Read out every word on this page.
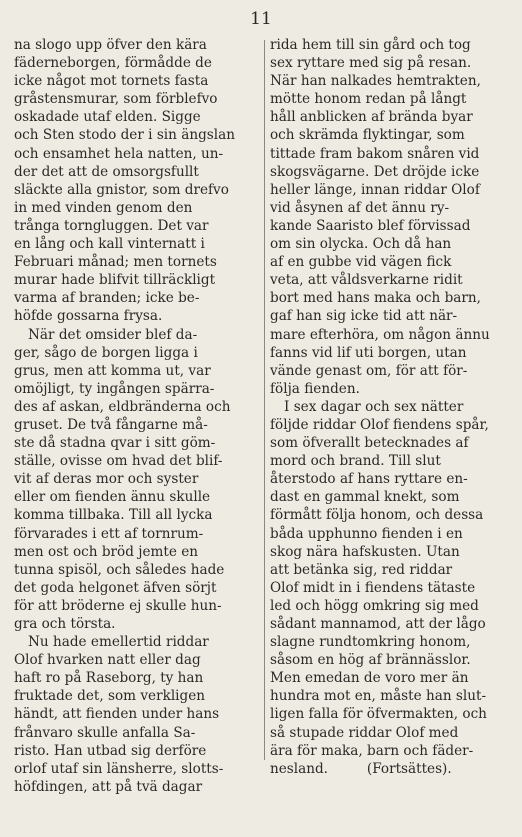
11
na slogo upp öfver den kära
fäderneborgen, förmådde de
icke något mot tornets fasta
gråstensmurar, som förblefvo
oskadade utaf elden. Sigge
och Sten stodo der i sin ängslan
och ensamhet hela natten, un-
der det att de omsorgsfullt
släckte alla gnistor, som drefvo
in med vinden genom den
trånga torngluggen. Det var
en lång och kall vinternatt i
Februari månad; men tornets
murar hade blifvit tillräckligt
varma af branden; icke be-
höfde gossarna frysa.
När det omsider blef da-
ger, sågo de borgen ligga i
grus, men att komma ut, var
omöjligt, ty ingången spärra-
des af askan, eldbränderna och
gruset. De två fångarne må-
ste då stadna qvar i sitt göm-
ställe, ovisse om hvad det blif-
vit af deras mor och syster
eller om fienden ännu skulle
komma tillbaka. Till all lycka
förvarades i ett af tornrum-
men ost och bröd jemte en
tunna spisöl, och således hade
det goda helgonet äfven sörjt
för att bröderne ej skulle hun-
gra och törsta.
Nu hade emellertid riddar
Olof hvarken natt eller dag
haft ro på Raseborg, ty han
fruktade det, som verkligen
händt, att fienden under hans
frånvaro skulle anfalla Sa-
risto. Han utbad sig derföre
orlof utaf sin länsherre, slotts-
höfdingen, att på tvä dagar
rida hem till sin gård och tog
sex ryttare med sig på resan.
När han nalkades hemtrakten,
mötte honom redan på långt
håll anblicken af brända byar
och skrämda flyktingar, som
tittade fram bakom snåren vid
skogsvägarne. Det dröjde icke
heller länge, innan riddar Olof
vid åsynen af det ännu ry-
kande Saaristo blef förvissad
om sin olycka. Och då han
af en gubbe vid vägen fick
veta, att våldsverkarne ridit
bort med hans maka och barn,
gaf han sig icke tid att när-
mare efterhöra, om någon ännu
fanns vid lif uti borgen, utan
vände genast om, för att för-
följa fienden.
I sex dagar och sex nätter
följde riddar Olof fiendens spår,
som öfverallt betecknades af
mord och brand. Till slut
återstodo af hans ryttare en-
dast en gammal knekt, som
förmått följa honom, och dessa
båda upphunno fienden i en
skog nära hafskusten. Utan
att betänka sig, red riddar
Olof midt in i fiendens tätaste
led och högg omkring sig med
sådant mannamod, att der lågo
slagne rundtomkring honom,
såsom en hög af brännässlor.
Men emedan de voro mer än
hundra mot en, måste han slut-
ligen falla för öfvermakten, och
så stupade riddar Olof med
ära för maka, barn och fäder-
nesland.         (Fortsättes).
